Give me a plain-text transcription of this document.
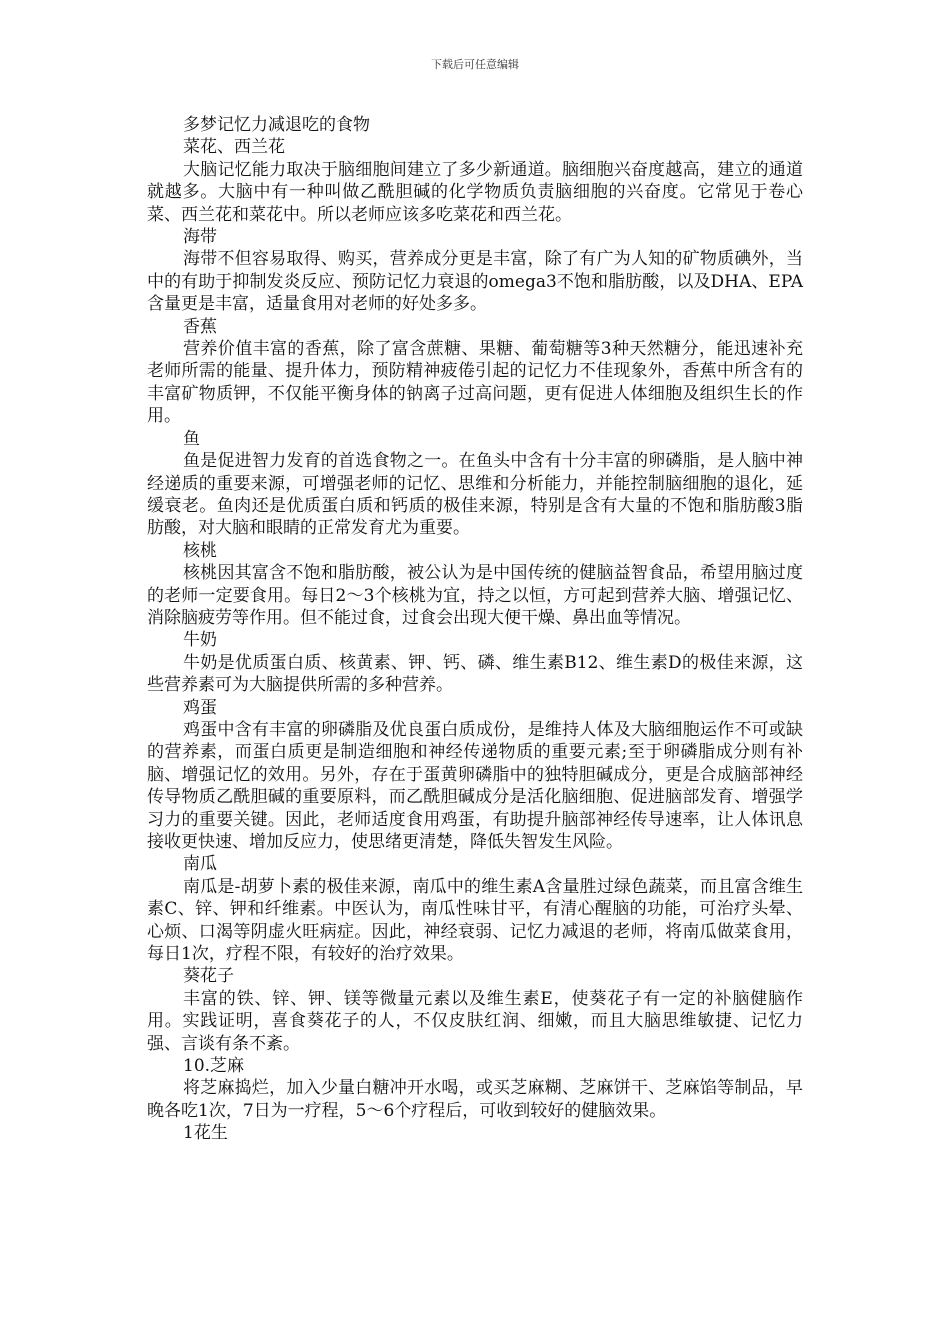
下载后可任意编辑
多梦记忆力减退吃的食物
菜花、西兰花

大脑记忆能力取决于脑细胞间建立了多少新通道。脑细胞兴奋度越高，建立的通道就越多。大脑中有一种叫做乙酰胆碱的化学物质负责脑细胞的兴奋度。它常见于卷心菜、西兰花和菜花中。所以老师应该多吃菜花和西兰花。

海带

海带不但容易取得、购买，营养成分更是丰富，除了有广为人知的矿物质碘外，当中的有助于抑制发炎反应、预防记忆力衰退的omega3不饱和脂肪酸，以及DHA、EPA含量更是丰富，适量食用对老师的好处多多。

香蕉

营养价值丰富的香蕉，除了富含蔗糖、果糖、葡萄糖等3种天然糖分，能迅速补充老师所需的能量、提升体力，预防精神疲倦引起的记忆力不佳现象外，香蕉中所含有的丰富矿物质钾，不仅能平衡身体的钠离子过高问题，更有促进人体细胞及组织生长的作用。

鱼

鱼是促进智力发育的首选食物之一。在鱼头中含有十分丰富的卵磷脂，是人脑中神经递质的重要来源，可增强老师的记忆、思维和分析能力，并能控制脑细胞的退化，延缓衰老。鱼肉还是优质蛋白质和钙质的极佳来源，特别是含有大量的不饱和脂肪酸3脂肪酸，对大脑和眼睛的正常发育尤为重要。

核桃

核桃因其富含不饱和脂肪酸，被公认为是中国传统的健脑益智食品，希望用脑过度的老师一定要食用。每日2～3个核桃为宜，持之以恒，方可起到营养大脑、增强记忆、消除脑疲劳等作用。但不能过食，过食会出现大便干燥、鼻出血等情况。

牛奶

牛奶是优质蛋白质、核黄素、钾、钙、磷、维生素B12、维生素D的极佳来源，这些营养素可为大脑提供所需的多种营养。

鸡蛋

鸡蛋中含有丰富的卵磷脂及优良蛋白质成份，是维持人体及大脑细胞运作不可或缺的营养素，而蛋白质更是制造细胞和神经传递物质的重要元素;至于卵磷脂成分则有补脑、增强记忆的效用。另外，存在于蛋黄卵磷脂中的独特胆碱成分，更是合成脑部神经传导物质乙酰胆碱的重要原料，而乙酰胆碱成分是活化脑细胞、促进脑部发育、增强学习力的重要关键。因此，老师适度食用鸡蛋，有助提升脑部神经传导速率，让人体讯息接收更快速、增加反应力，使思绪更清楚，降低失智发生风险。

南瓜

南瓜是-胡萝卜素的极佳来源，南瓜中的维生素A含量胜过绿色蔬菜，而且富含维生素C、锌、钾和纤维素。中医认为，南瓜性味甘平，有清心醒脑的功能，可治疗头晕、心烦、口渴等阴虚火旺病症。因此，神经衰弱、记忆力减退的老师，将南瓜做菜食用，每日1次，疗程不限，有较好的治疗效果。

葵花子

丰富的铁、锌、钾、镁等微量元素以及维生素E，使葵花子有一定的补脑健脑作用。实践证明，喜食葵花子的人，不仅皮肤红润、细嫩，而且大脑思维敏捷、记忆力强、言谈有条不紊。

10.芝麻

将芝麻捣烂，加入少量白糖冲开水喝，或买芝麻糊、芝麻饼干、芝麻馅等制品，早晚各吃1次，7日为一疗程，5～6个疗程后，可收到较好的健脑效果。

1花生
